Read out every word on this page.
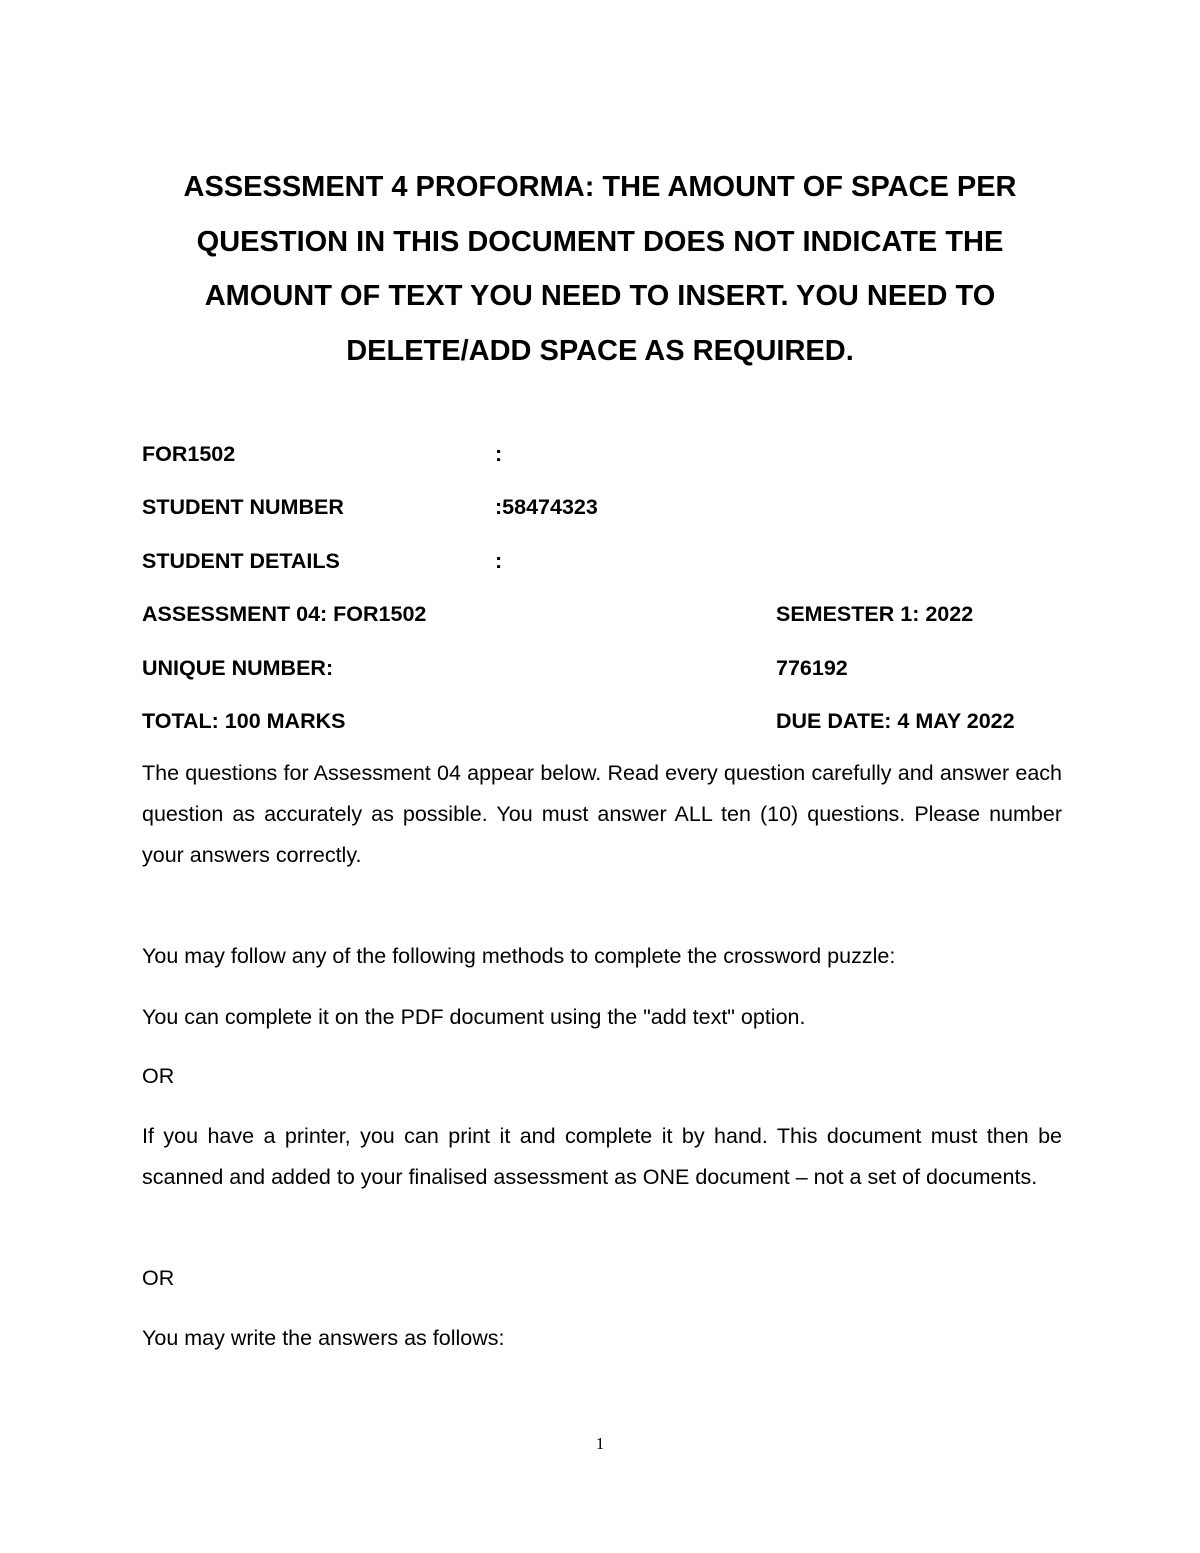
ASSESSMENT 4 PROFORMA: THE AMOUNT OF SPACE PER QUESTION IN THIS DOCUMENT DOES NOT INDICATE THE AMOUNT OF TEXT YOU NEED TO INSERT. YOU NEED TO DELETE/ADD SPACE AS REQUIRED.

FOR1502	:
STUDENT NUMBER	:58474323
STUDENT DETAILS	:
ASSESSMENT 04: FOR1502	SEMESTER 1: 2022
UNIQUE NUMBER:	776192
TOTAL: 100 MARKS	DUE DATE: 4 MAY 2022

The questions for Assessment 04 appear below. Read every question carefully and answer each question as accurately as possible. You must answer ALL ten (10) questions. Please number your answers correctly.

You may follow any of the following methods to complete the crossword puzzle:

You can complete it on the PDF document using the "add text" option.

OR

If you have a printer, you can print it and complete it by hand. This document must then be scanned and added to your finalised assessment as ONE document – not a set of documents.

OR

You may write the answers as follows:

1
